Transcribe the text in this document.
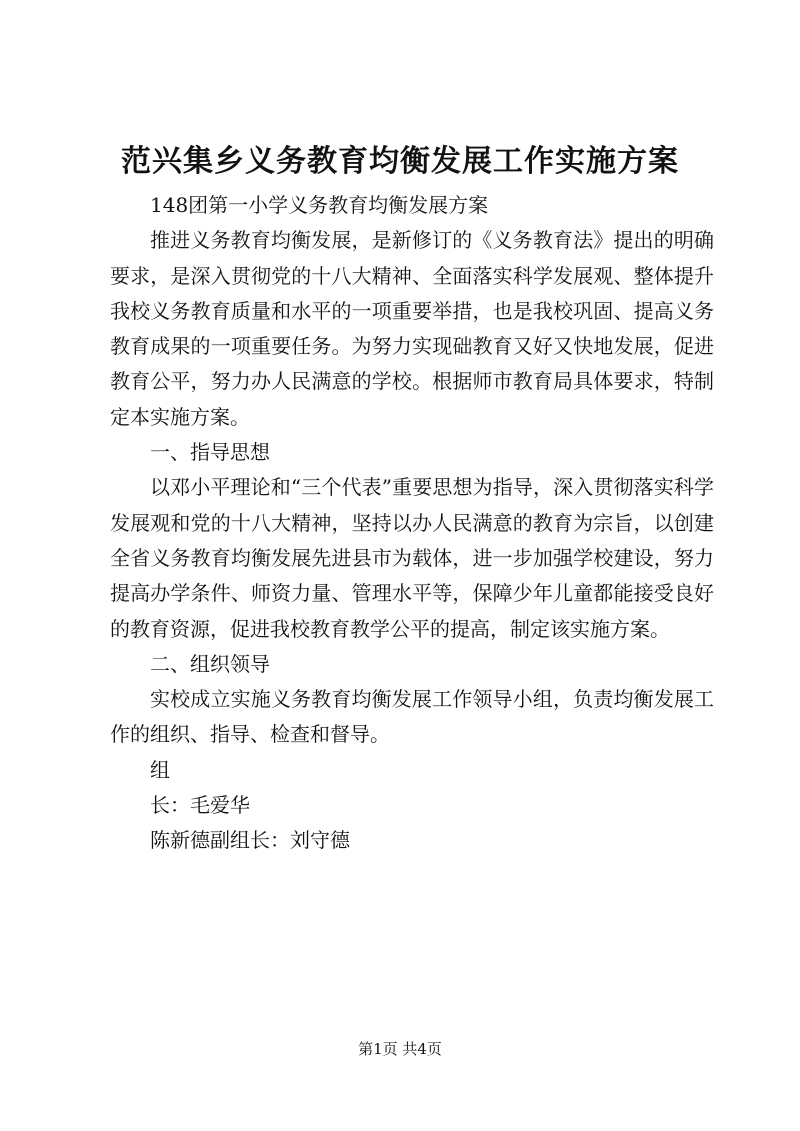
范兴集乡义务教育均衡发展工作实施方案

148团第一小学义务教育均衡发展方案

推进义务教育均衡发展，是新修订的《义务教育法》提出的明确要求，是深入贯彻党的十八大精神、全面落实科学发展观、整体提升我校义务教育质量和水平的一项重要举措，也是我校巩固、提高义务教育成果的一项重要任务。为努力实现础教育又好又快地发展，促进教育公平，努力办人民满意的学校。根据师市教育局具体要求，特制定本实施方案。

一、指导思想

以邓小平理论和“三个代表”重要思想为指导，深入贯彻落实科学发展观和党的十八大精神，坚持以办人民满意的教育为宗旨，以创建全省义务教育均衡发展先进县市为载体，进一步加强学校建设，努力提高办学条件、师资力量、管理水平等，保障少年儿童都能接受良好的教育资源，促进我校教育教学公平的提高，制定该实施方案。

二、组织领导

实校成立实施义务教育均衡发展工作领导小组，负责均衡发展工作的组织、指导、检查和督导。

组

长：毛爱华

陈新德副组长：刘守德

第1页 共4页
